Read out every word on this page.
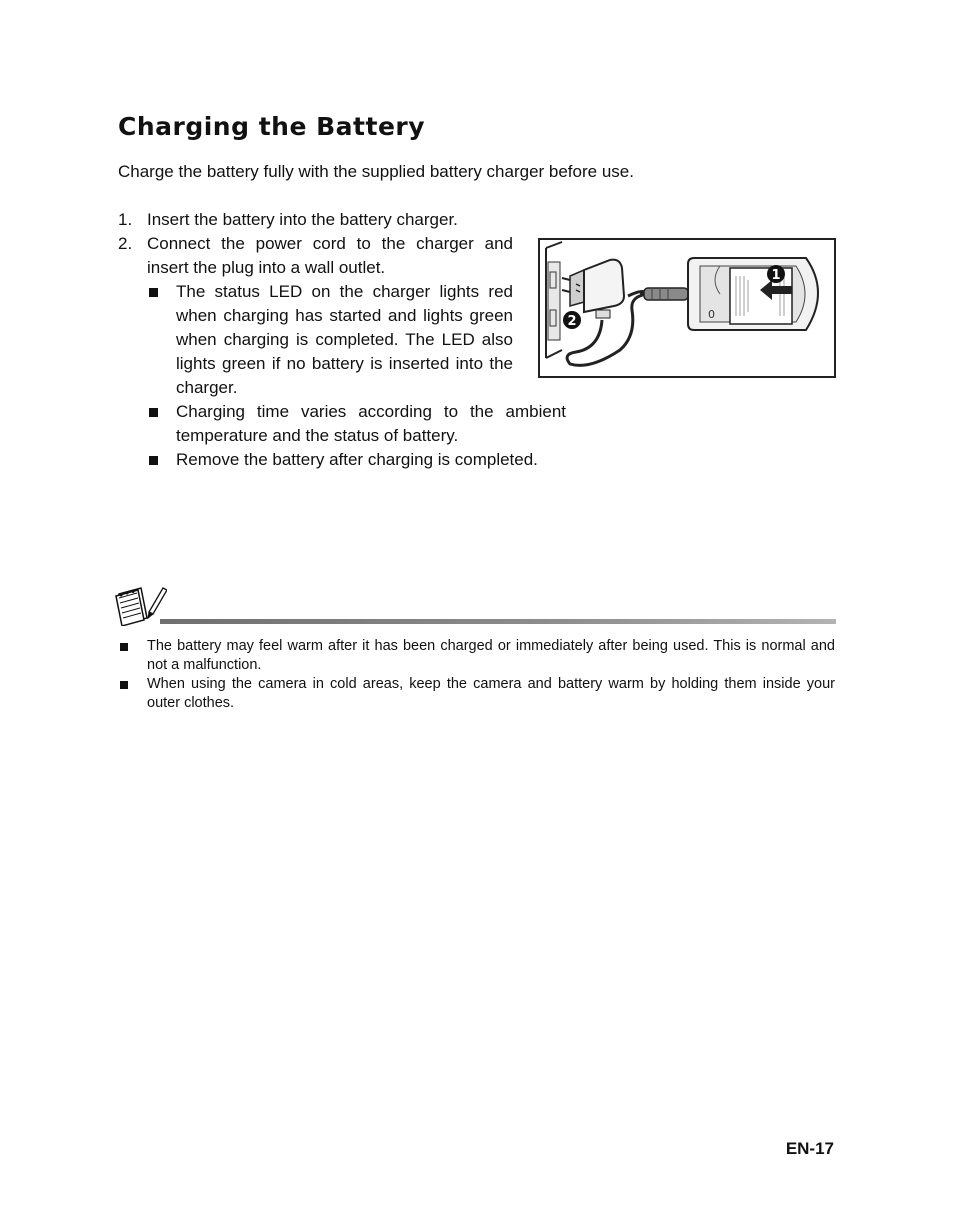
Charging the Battery

Charge the battery fully with the supplied battery charger before use.

1. Insert the battery into the battery charger.
2. Connect the power cord to the charger and insert the plug into a wall outlet.
The status LED on the charger lights red when charging has started and lights green when charging is completed. The LED also lights green if no battery is inserted into the charger.
Charging time varies according to the ambient temperature and the status of battery.
Remove the battery after charging is completed.
0
1
2
The battery may feel warm after it has been charged or immediately after being used. This is normal and not a malfunction.
When using the camera in cold areas, keep the camera and battery warm by holding them inside your outer clothes.
EN-17
